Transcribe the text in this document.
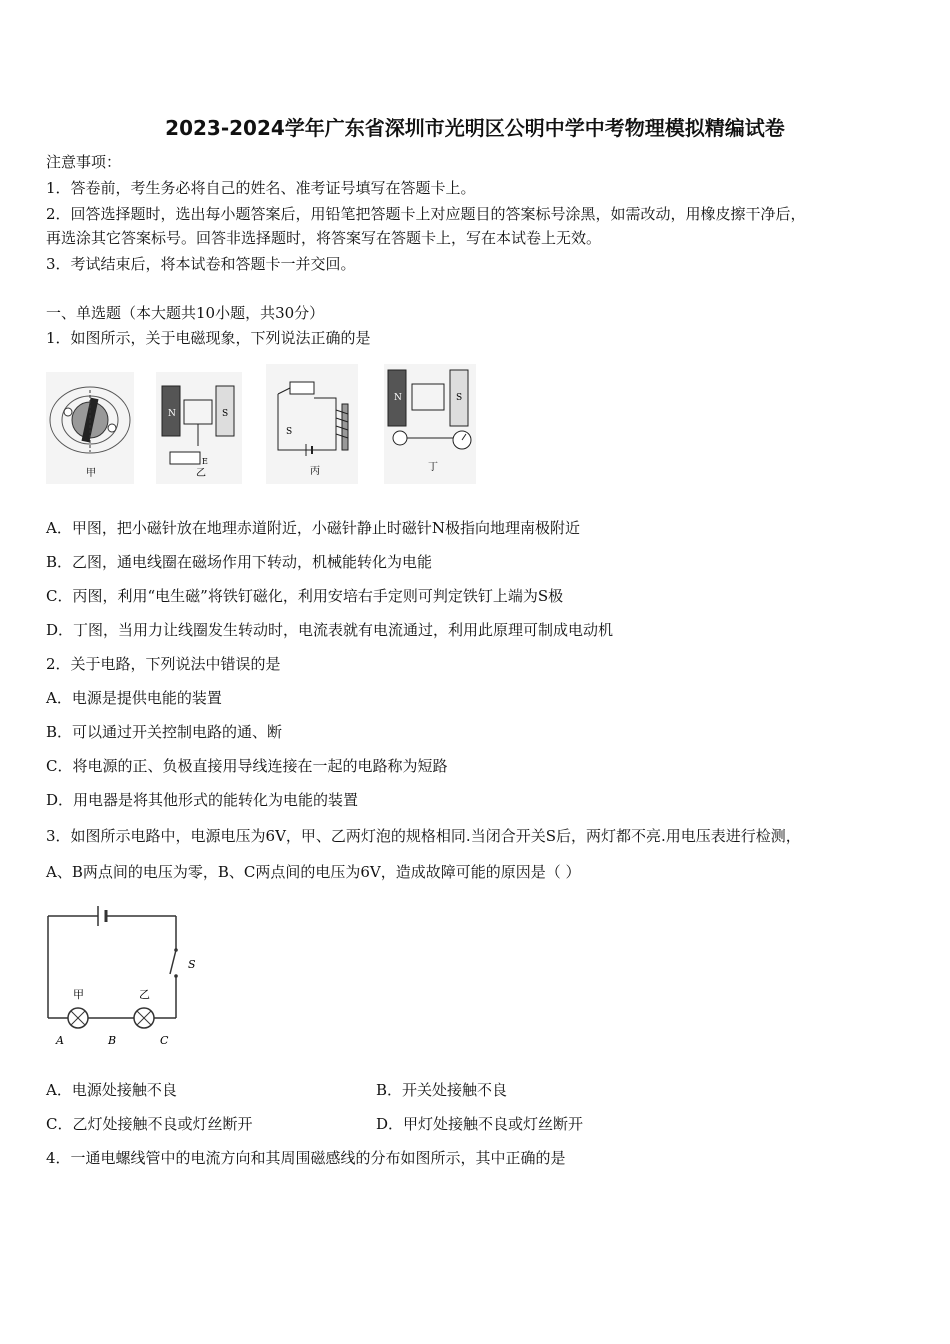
2023-2024学年广东省深圳市光明区公明中学中考物理模拟精编试卷
注意事项：
1．答卷前，考生务必将自己的姓名、准考证号填写在答题卡上。
2．回答选择题时，选出每小题答案后，用铅笔把答题卡上对应题目的答案标号涂黑，如需改动，用橡皮擦干净后，
再选涂其它答案标号。回答非选择题时，将答案写在答题卡上，写在本试卷上无效。
3．考试结束后，将本试卷和答题卡一并交回。
一、单选题（本大题共10小题，共30分）
1．如图所示，关于电磁现象，下列说法正确的是
甲
N	S
E
乙
S
丙
N	S
丁
A．甲图，把小磁针放在地理赤道附近，小磁针静止时磁针N极指向地理南极附近
B．乙图，通电线圈在磁场作用下转动，机械能转化为电能
C．丙图，利用“电生磁”将铁钉磁化，利用安培右手定则可判定铁钉上端为S极
D．丁图，当用力让线圈发生转动时，电流表就有电流通过，利用此原理可制成电动机
2．关于电路，下列说法中错误的是
A．电源是提供电能的装置
B．可以通过开关控制电路的通、断
C．将电源的正、负极直接用导线连接在一起的电路称为短路
D．用电器是将其他形式的能转化为电能的装置
3．如图所示电路中，电源电压为6V，甲、乙两灯泡的规格相同.当闭合开关S后，两灯都不亮.用电压表进行检测，
A、B两点间的电压为零，B、C两点间的电压为6V，造成故障可能的原因是（ ）
S
甲	乙
A	B	C
A．电源处接触不良	B．开关处接触不良
C．乙灯处接触不良或灯丝断开	D．甲灯处接触不良或灯丝断开
4．一通电螺线管中的电流方向和其周围磁感线的分布如图所示，其中正确的是
